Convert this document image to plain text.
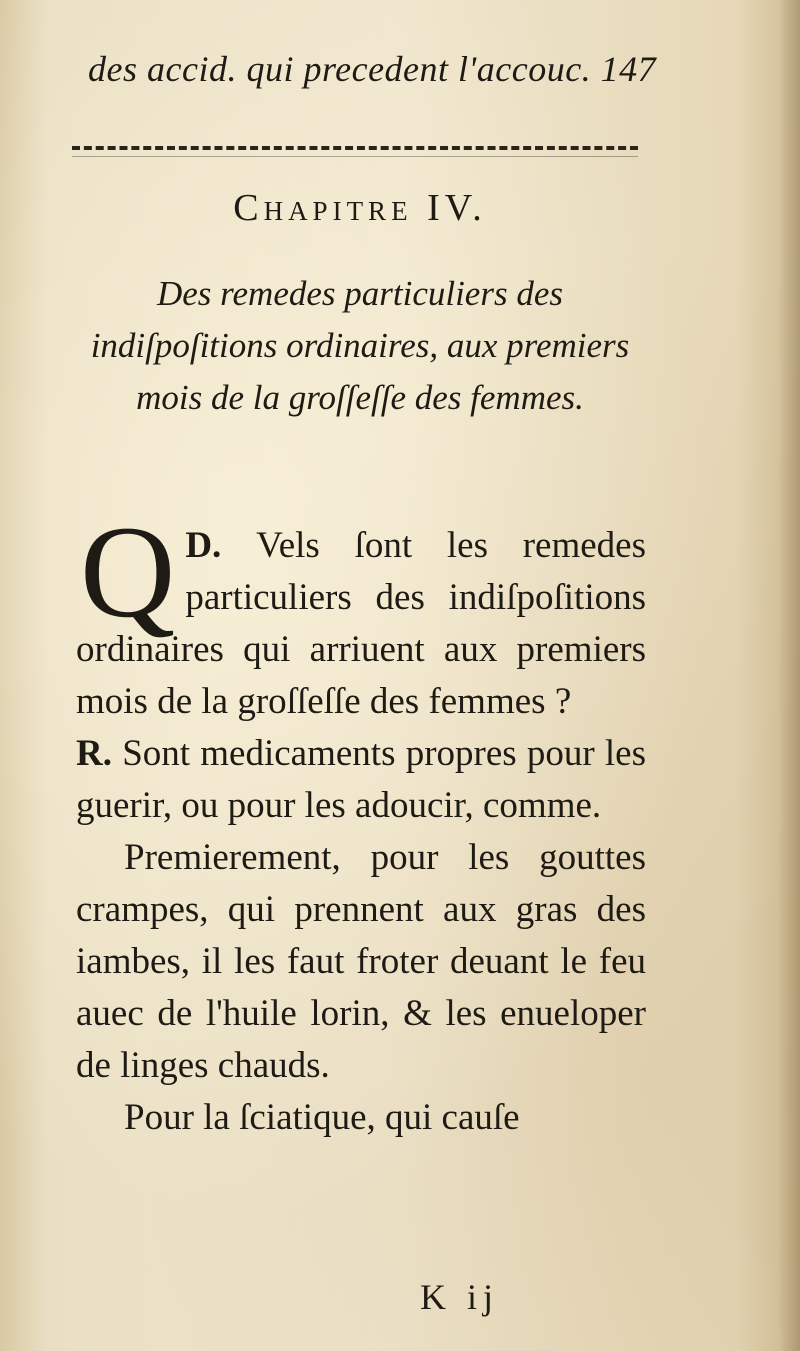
des accid. qui precedent l'accouc. 147
Chapitre IV.
Des remedes particuliers des indiſpoſitions ordinaires, aux premiers mois de la groſſeſſe des femmes.

D.
Q Vels ſont les remedes particuliers des indiſpoſitions ordinaires qui arriuent aux premiers mois de la groſſeſſe des femmes ?

R. Sont medicaments propres pour les guerir, ou pour les adoucir, comme.

Premierement, pour les gouttes crampes, qui prennent aux gras des iambes, il les faut froter deuant le feu auec de l'huile lorin, & les enueloper de linges chauds.

Pour la ſciatique, qui cauſe

K ij
